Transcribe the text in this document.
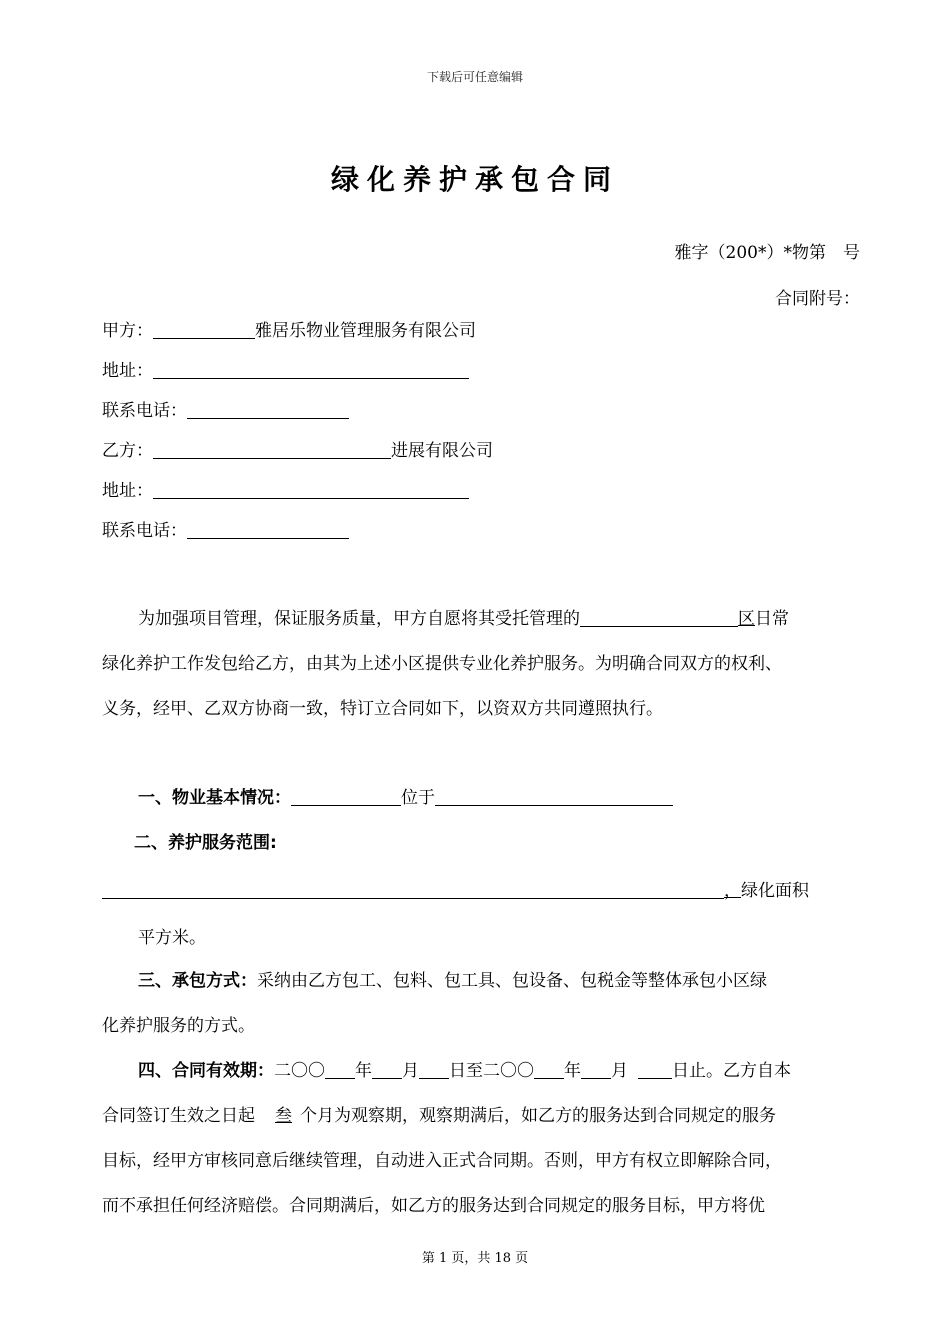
下载后可任意编辑
绿化养护承包合同
雅字（200*）*物第　号
合同附号：
甲方：	雅居乐物业管理服务有限公司
地址：
联系电话：
乙方：	进展有限公司
地址：
联系电话：
为加强项目管理，保证服务质量，甲方自愿将其受托管理的	区日常
绿化养护工作发包给乙方，由其为上述小区提供专业化养护服务。为明确合同双方的权利、
义务，经甲、乙双方协商一致，特订立合同如下，以资双方共同遵照执行。
一、物业基本情况：	位于
二、养护服务范围:
，绿化面积
平方米。
三、承包方式：采纳由乙方包工、包料、包工具、包设备、包税金等整体承包小区绿
化养护服务的方式。
四、合同有效期：二〇〇 年 月 日至二〇〇 年 月	日止。乙方自本
合同签订生效之日起 叁 个月为观察期，观察期满后，如乙方的服务达到合同规定的服务
目标，经甲方审核同意后继续管理，自动进入正式合同期。否则，甲方有权立即解除合同，
而不承担任何经济赔偿。合同期满后，如乙方的服务达到合同规定的服务目标，甲方将优
第 1 页，共 18 页
